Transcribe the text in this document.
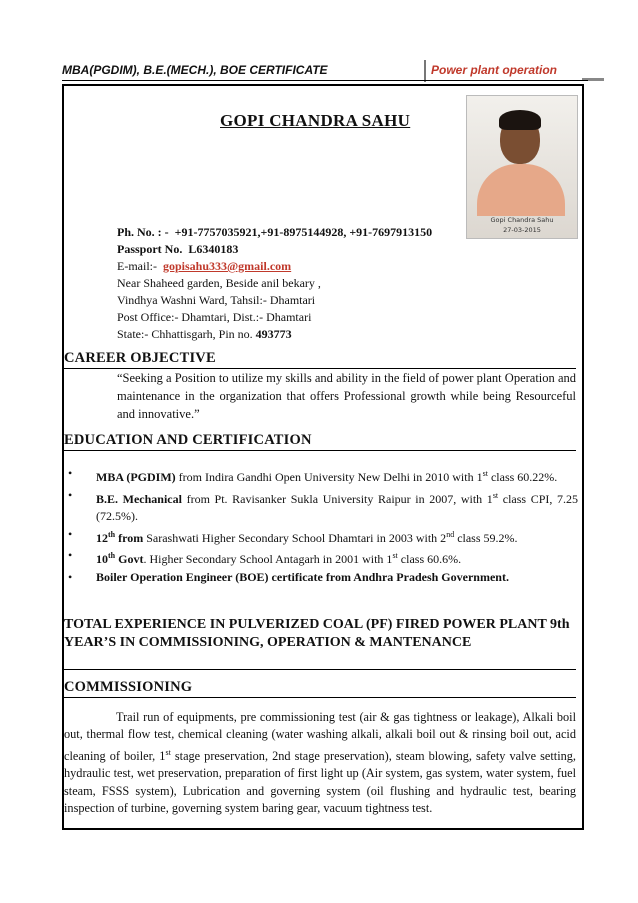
MBA(PGDIM), B.E.(MECH.), BOE CERTIFICATE	Power plant operation
GOPI CHANDRA SAHU
Gopi Chandra Sahu
27-03-2015
Ph. No. : - +91-7757035921,+91-8975144928, +91-7697913150
Passport No. L6340183
E-mail:- gopisahu333@gmail.com
Near Shaheed garden, Beside anil bekary ,
Vindhya Washni Ward, Tahsil:- Dhamtari
Post Office:- Dhamtari, Dist.:- Dhamtari
State:- Chhattisgarh, Pin no. 493773
CAREER OBJECTIVE
“Seeking a Position to utilize my skills and ability in the field of power plant Operation and maintenance in the organization that offers Professional growth while being Resourceful and innovative.”
EDUCATION AND CERTIFICATION
• MBA (PGDIM) from Indira Gandhi Open University New Delhi in 2010 with 1st class 60.22%.
• B.E. Mechanical from Pt. Ravisanker Sukla University Raipur in 2007, with 1st class CPI, 7.25 (72.5%).
• 12th from Sarashwati Higher Secondary School Dhamtari in 2003 with 2nd class 59.2%.
• 10th Govt. Higher Secondary School Antagarh in 2001 with 1st class 60.6%.
• Boiler Operation Engineer (BOE) certificate from Andhra Pradesh Government.
TOTAL EXPERIENCE IN PULVERIZED COAL (PF) FIRED POWER PLANT 9th YEAR’S IN COMMISSIONING, OPERATION & MANTENANCE
COMMISSIONING
Trail run of equipments, pre commissioning test (air & gas tightness or leakage), Alkali boil out, thermal flow test, chemical cleaning (water washing alkali, alkali boil out & rinsing boil out, acid cleaning of boiler, 1st stage preservation, 2nd stage preservation), steam blowing, safety valve setting, hydraulic test, wet preservation, preparation of first light up (Air system, gas system, water system, fuel steam, FSSS system), Lubrication and governing system (oil flushing and hydraulic test, bearing inspection of turbine, governing system baring gear, vacuum tightness test.
